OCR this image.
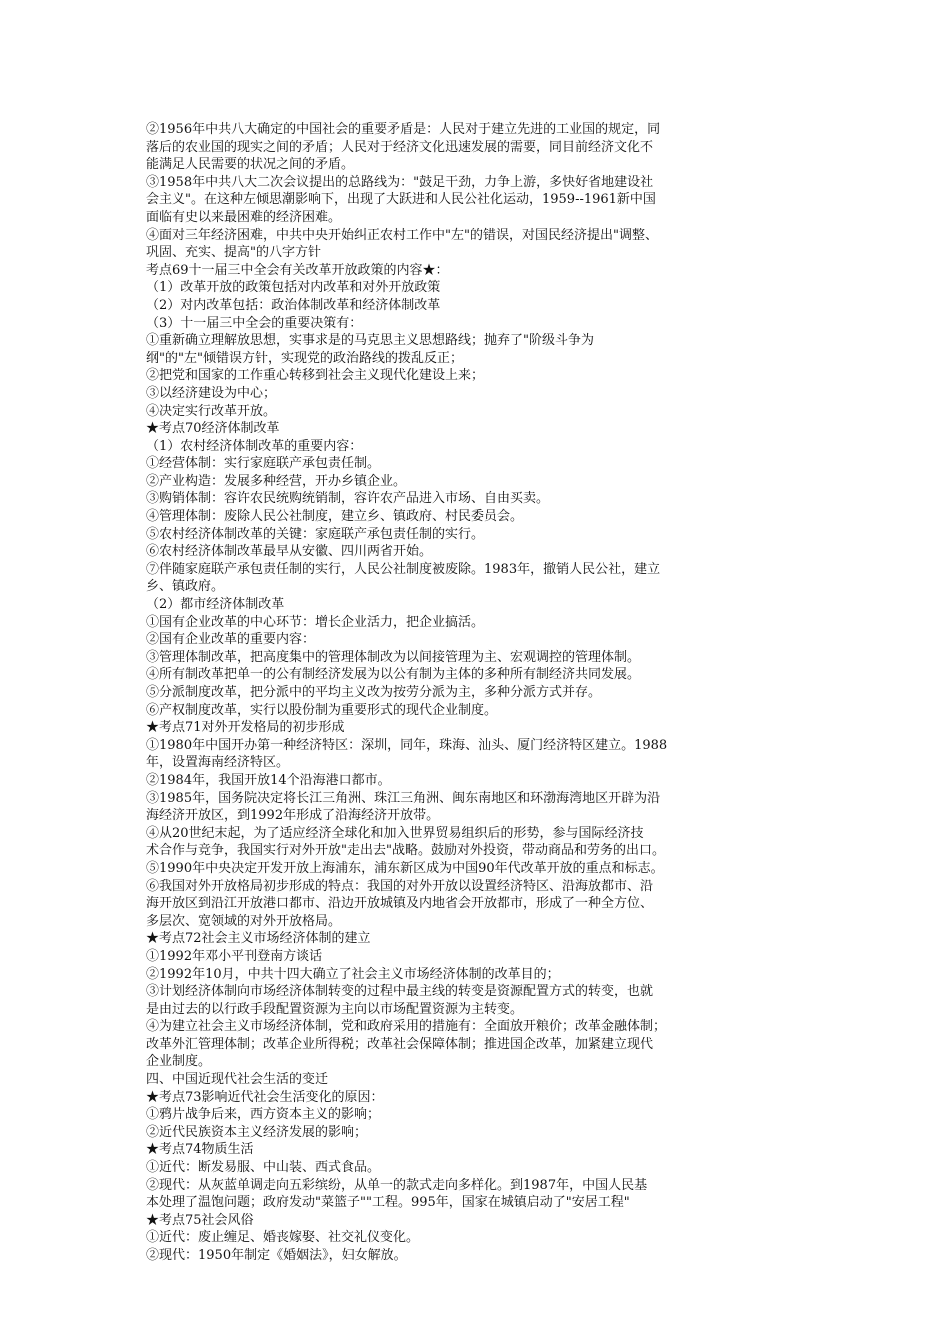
②1956年中共八大确定的中国社会的重要矛盾是：人民对于建立先进的工业国的规定，同

落后的农业国的现实之间的矛盾；人民对于经济文化迅速发展的需要，同目前经济文化不

能满足人民需要的状况之间的矛盾。

③1958年中共八大二次会议提出的总路线为："鼓足干劲，力争上游，多快好省地建设社

会主义"。在这种左倾思潮影响下，出现了大跃进和人民公社化运动，1959--1961新中国

面临有史以来最困难的经济困难。

④面对三年经济困难，中共中央开始纠正农村工作中"左"的错误，对国民经济提出"调整、

巩固、充实、提高"的八字方针

考点69十一届三中全会有关改革开放政策的内容★：

（1）改革开放的政策包括对内改革和对外开放政策

（2）对内改革包括：政治体制改革和经济体制改革

（3）十一届三中全会的重要决策有：

①重新确立理解放思想，实事求是的马克思主义思想路线；抛弃了"阶级斗争为

纲"的"左"倾错误方针，实现党的政治路线的拨乱反正；

②把党和国家的工作重心转移到社会主义现代化建设上来；

③以经济建设为中心；

④决定实行改革开放。

★考点70经济体制改革

（1）农村经济体制改革的重要内容：

①经营体制：实行家庭联产承包责任制。

②产业构造：发展多种经营，开办乡镇企业。

③购销体制：容许农民统购统销制，容许农产品进入市场、自由买卖。

④管理体制：废除人民公社制度，建立乡、镇政府、村民委员会。

⑤农村经济体制改革的关键：家庭联产承包责任制的实行。

⑥农村经济体制改革最早从安徽、四川两省开始。

⑦伴随家庭联产承包责任制的实行，人民公社制度被废除。1983年，撤销人民公社，建立

乡、镇政府。

（2）都市经济体制改革

①国有企业改革的中心环节：增长企业活力，把企业搞活。

②国有企业改革的重要内容：

③管理体制改革，把高度集中的管理体制改为以间接管理为主、宏观调控的管理体制。

④所有制改革把单一的公有制经济发展为以公有制为主体的多种所有制经济共同发展。

⑤分派制度改革，把分派中的平均主义改为按劳分派为主，多种分派方式并存。

⑥产权制度改革，实行以股份制为重要形式的现代企业制度。

★考点71对外开发格局的初步形成

①1980年中国开办第一种经济特区：深圳，同年，珠海、汕头、厦门经济特区建立。1988

年，设置海南经济特区。

②1984年，我国开放14个沿海港口都市。

③1985年，国务院决定将长江三角洲、珠江三角洲、闽东南地区和环渤海湾地区开辟为沿

海经济开放区，到1992年形成了沿海经济开放带。

④从20世纪末起，为了适应经济全球化和加入世界贸易组织后的形势，参与国际经济技

术合作与竞争，我国实行对外开放"走出去"战略。鼓励对外投资，带动商品和劳务的出口。

⑤1990年中央决定开发开放上海浦东，浦东新区成为中国90年代改革开放的重点和标志。

⑥我国对外开放格局初步形成的特点：我国的对外开放以设置经济特区、沿海放都市、沿

海开放区到沿江开放港口都市、沿边开放城镇及内地省会开放都市，形成了一种全方位、

多层次、宽领域的对外开放格局。

★考点72社会主义市场经济体制的建立

①1992年邓小平刊登南方谈话

②1992年10月，中共十四大确立了社会主义市场经济体制的改革目的；

③计划经济体制向市场经济体制转变的过程中最主线的转变是资源配置方式的转变，也就

是由过去的以行政手段配置资源为主向以市场配置资源为主转变。

④为建立社会主义市场经济体制，党和政府采用的措施有：全面放开粮价；改革金融体制；

改革外汇管理体制；改革企业所得税；改革社会保障体制；推进国企改革，加紧建立现代

企业制度。

四、中国近现代社会生活的变迁

★考点73影响近代社会生活变化的原因：

①鸦片战争后来，西方资本主义的影响；

②近代民族资本主义经济发展的影响；

★考点74物质生活

①近代：断发易服、中山装、西式食品。

②现代：从灰蓝单调走向五彩缤纷，从单一的款式走向多样化。到1987年，中国人民基

本处理了温饱问题；政府发动"菜篮子""工程。995年，国家在城镇启动了"安居工程"

★考点75社会风俗

①近代：废止缠足、婚丧嫁娶、社交礼仪变化。

②现代：1950年制定《婚姻法》，妇女解放。
